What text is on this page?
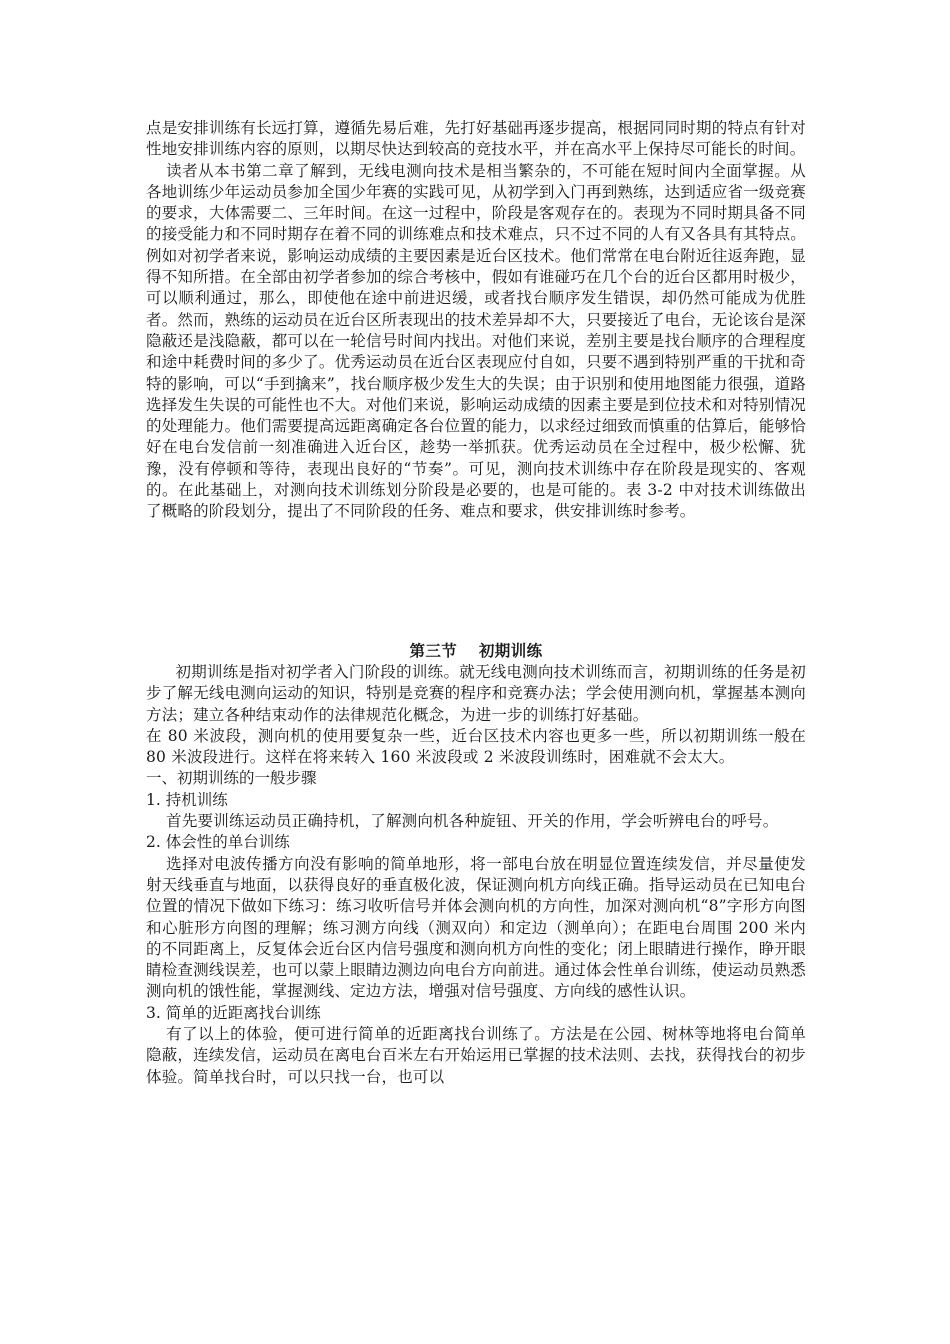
点是安排训练有长远打算，遵循先易后难，先打好基础再逐步提高，根据同同时期的特点有针对性地安排训练内容的原则，以期尽快达到较高的竞技水平，并在高水平上保持尽可能长的时间。

读者从本书第二章了解到，无线电测向技术是相当繁杂的，不可能在短时间内全面掌握。从各地训练少年运动员参加全国少年赛的实践可见，从初学到入门再到熟练，达到适应省一级竞赛的要求，大体需要二、三年时间。在这一过程中，阶段是客观存在的。表现为不同时期具备不同的接受能力和不同时期存在着不同的训练难点和技术难点，只不过不同的人有又各具有其特点。例如对初学者来说，影响运动成绩的主要因素是近台区技术。他们常常在电台附近往返奔跑，显得不知所措。在全部由初学者参加的综合考核中，假如有谁碰巧在几个台的近台区都用时极少，可以顺利通过，那么，即使他在途中前进迟缓，或者找台顺序发生错误，却仍然可能成为优胜者。然而，熟练的运动员在近台区所表现出的技术差异却不大，只要接近了电台，无论该台是深隐蔽还是浅隐蔽，都可以在一轮信号时间内找出。对他们来说，差别主要是找台顺序的合理程度和途中耗费时间的多少了。优秀运动员在近台区表现应付自如，只要不遇到特别严重的干扰和奇特的影响，可以“手到擒来”，找台顺序极少发生大的失误；由于识别和使用地图能力很强，道路选择发生失误的可能性也不大。对他们来说，影响运动成绩的因素主要是到位技术和对特别情况的处理能力。他们需要提高远距离确定各台位置的能力，以求经过细致而慎重的估算后，能够恰好在电台发信前一刻准确进入近台区，趁势一举抓获。优秀运动员在全过程中，极少松懈、犹豫，没有停顿和等待，表现出良好的“节奏”。可见，测向技术训练中存在阶段是现实的、客观的。在此基础上，对测向技术训练划分阶段是必要的，也是可能的。表 3-2 中对技术训练做出了概略的阶段划分，提出了不同阶段的任务、难点和要求，供安排训练时参考。

第三节　 初期训练

初期训练是指对初学者入门阶段的训练。就无线电测向技术训练而言，初期训练的任务是初步了解无线电测向运动的知识，特别是竞赛的程序和竞赛办法；学会使用测向机，掌握基本测向方法；建立各种结束动作的法律规范化概念，为进一步的训练打好基础。

在 80 米波段，测向机的使用要复杂一些，近台区技术内容也更多一些，所以初期训练一般在 80 米波段进行。这样在将来转入 160 米波段或 2 米波段训练时，困难就不会太大。

一、初期训练的一般步骤

1. 持机训练

首先要训练运动员正确持机，了解测向机各种旋钮、开关的作用，学会听辨电台的呼号。

2. 体会性的单台训练

选择对电波传播方向没有影响的简单地形，将一部电台放在明显位置连续发信，并尽量使发射天线垂直与地面，以获得良好的垂直极化波，保证测向机方向线正确。指导运动员在已知电台位置的情况下做如下练习：练习收听信号并体会测向机的方向性，加深对测向机“8”字形方向图和心脏形方向图的理解；练习测方向线（测双向）和定边（测单向）；在距电台周围 200 米内的不同距离上，反复体会近台区内信号强度和测向机方向性的变化；闭上眼睛进行操作，睁开眼睛检查测线误差，也可以蒙上眼睛边测边向电台方向前进。通过体会性单台训练，使运动员熟悉测向机的饿性能，掌握测线、定边方法，增强对信号强度、方向线的感性认识。

3. 简单的近距离找台训练

有了以上的体验，便可进行简单的近距离找台训练了。方法是在公园、树林等地将电台简单隐蔽，连续发信，运动员在离电台百米左右开始运用已掌握的技术法则、去找，获得找台的初步体验。简单找台时，可以只找一台，也可以
